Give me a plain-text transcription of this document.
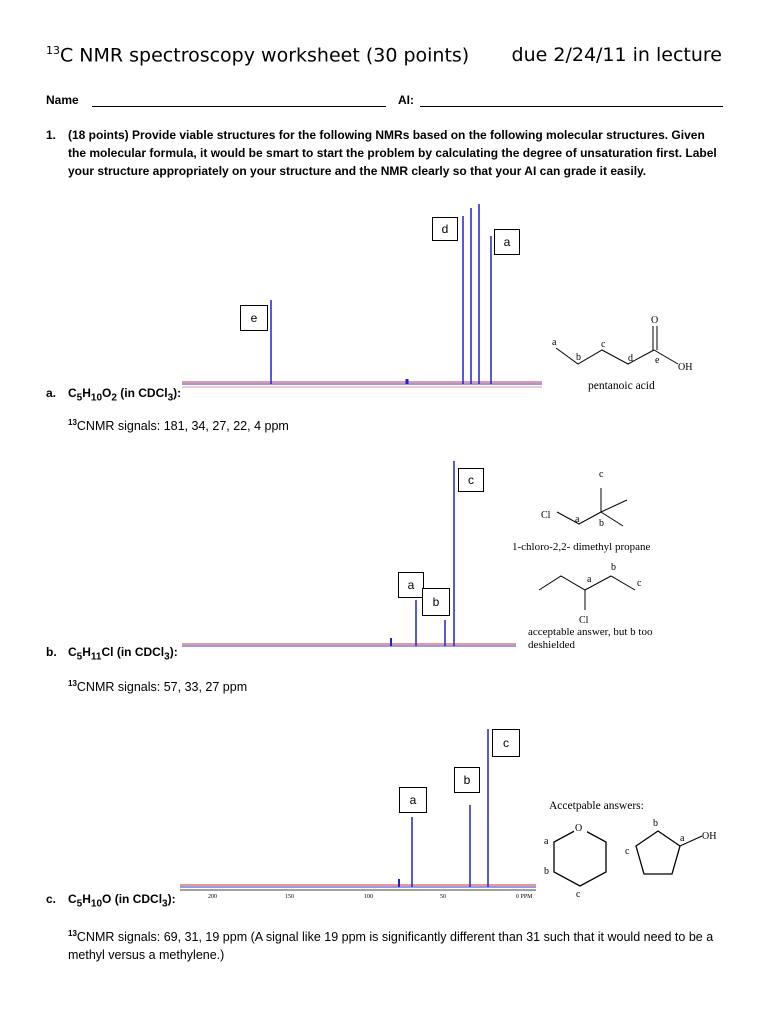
$^{13}$C NMR spectroscopy worksheet (30 points) due 2/24/11 in lecture
Name	AI:
1. (18 points) Provide viable structures for the following NMRs based on the following molecular structures. Given the molecular formula, it would be smart to start the problem by calculating the degree of unsaturation first. Label your structure appropriately on your structure and the NMR clearly so that your AI can grade it easily.
d
a
e
a
b
c
d e
O
OH
pentanoic acid
a. $C_5H_{10}O_2$ (in CDCl$_3$):
$^{13}$CNMR signals: 181, 34, 27, 22, 4 ppm
c
a
b
c
Cl a b
1-chloro-2,2- dimethyl propane
a
b
c
Cl
acceptable answer, but b too
deshielded
b. $C_5H_{11}Cl$ (in CDCl$_3$):
$^{13}$CNMR signals: 57, 33, 27 ppm
200	150	100	50	0 PPM
c
b
a	Accetpable answers:
a
O
b
c
b
a
c
OH
c. $C_5H_{10}O$ (in CDCl$_3$):
$^{13}$CNMR signals: 69, 31, 19 ppm (A signal like 19 ppm is significantly different than 31 such that it would need to be a methyl versus a methylene.)
